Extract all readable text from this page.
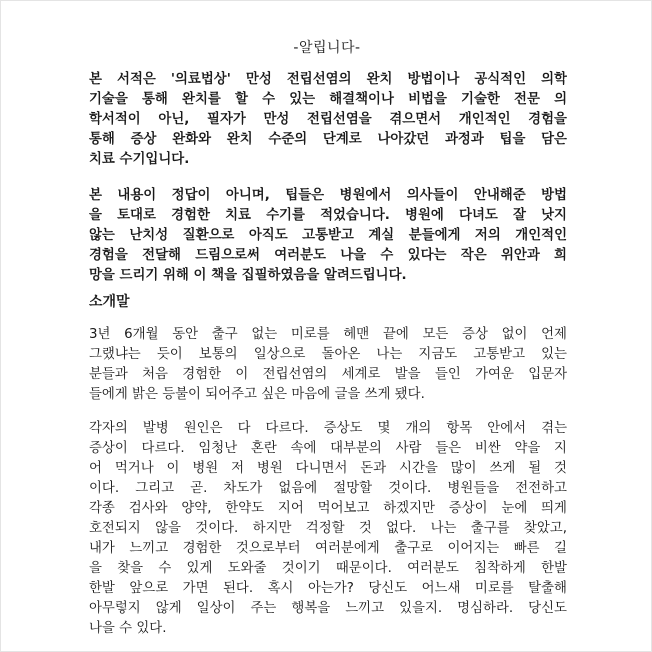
-알립니다-

본 서적은 '의료법상' 만성 전립선염의 완치 방법이나 공식적인 의학
기술을 통해 완치를 할 수 있는 해결책이나 비법을 기술한 전문 의
학서적이 아닌, 필자가 만성 전립선염을 겪으면서 개인적인 경험을
통해 증상 완화와 완치 수준의 단계로 나아갔던 과정과 팁을 담은
치료 수기입니다.

본 내용이 정답이 아니며, 팁들은 병원에서 의사들이 안내해준 방법
을 토대로 경험한 치료 수기를 적었습니다. 병원에 다녀도 잘 낫지
않는 난치성 질환으로 아직도 고통받고 계실 분들에게 저의 개인적인
경험을 전달해 드림으로써 여러분도 나을 수 있다는 작은 위안과 희
망을 드리기 위해 이 책을 집필하였음을 알려드립니다.

소개말

3년 6개월 동안 출구 없는 미로를 헤맨 끝에 모든 증상 없이 언제
그랬냐는 듯이 보통의 일상으로 돌아온 나는 지금도 고통받고 있는
분들과 처음 경험한 이 전립선염의 세계로 발을 들인 가여운 입문자
들에게 밝은 등불이 되어주고 싶은 마음에 글을 쓰게 됐다.

각자의 발병 원인은 다 다르다. 증상도 몇 개의 항목 안에서 겪는
증상이 다르다. 임청난 혼란 속에 대부분의 사람 들은 비싼 약을 지
어 먹거나 이 병원 저 병원 다니면서 돈과 시간을 많이 쓰게 될 것
이다. 그리고 곧. 차도가 없음에 절망할 것이다. 병원들을 전전하고
각종 검사와 양약, 한약도 지어 먹어보고 하겠지만 증상이 눈에 띄게
호전되지 않을 것이다. 하지만 걱정할 것 없다. 나는 출구를 찾았고,
내가 느끼고 경험한 것으로부터 여러분에게 출구로 이어지는 빠른 길
을 찾을 수 있게 도와줄 것이기 때문이다. 여러분도 침착하게 한발
한발 앞으로 가면 된다. 혹시 아는가? 당신도 어느새 미로를 탈출해
아무렇지 않게 일상이 주는 행복을 느끼고 있을지. 명심하라. 당신도
나을 수 있다.
